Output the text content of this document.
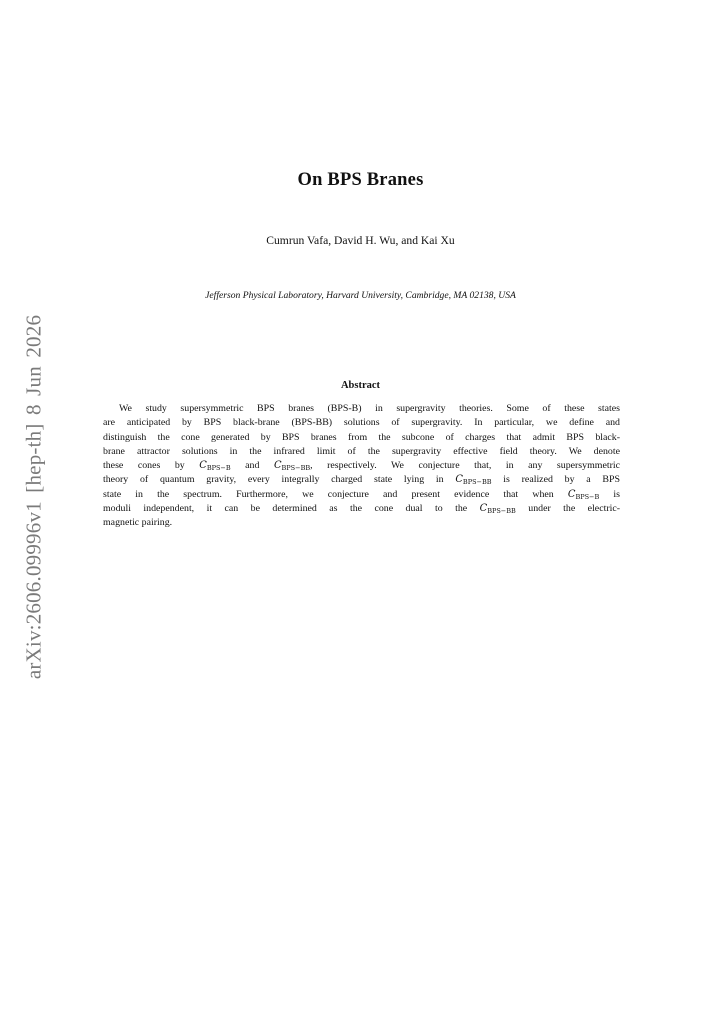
arXiv:2606.09996v1 [hep-th] 8 Jun 2026
On BPS Branes
Cumrun Vafa, David H. Wu, and Kai Xu
Jefferson Physical Laboratory, Harvard University, Cambridge, MA 02138, USA
Abstract
We study supersymmetric BPS branes (BPS-B) in supergravity theories. Some of these states
are anticipated by BPS black-brane (BPS-BB) solutions of supergravity. In particular, we define and
distinguish the cone generated by BPS branes from the subcone of charges that admit BPS black-
brane attractor solutions in the infrared limit of the supergravity effective field theory. We denote
these cones by $C_{BPS-B}$ and $C_{BPS-BB}$, respectively. We conjecture that, in any supersymmetric
theory of quantum gravity, every integrally charged state lying in $C_{BPS-BB}$ is realized by a BPS
state in the spectrum. Furthermore, we conjecture and present evidence that when $C_{BPS-B}$ is
moduli independent, it can be determined as the cone dual to the $C_{BPS-BB}$ under the electric-
magnetic pairing.
